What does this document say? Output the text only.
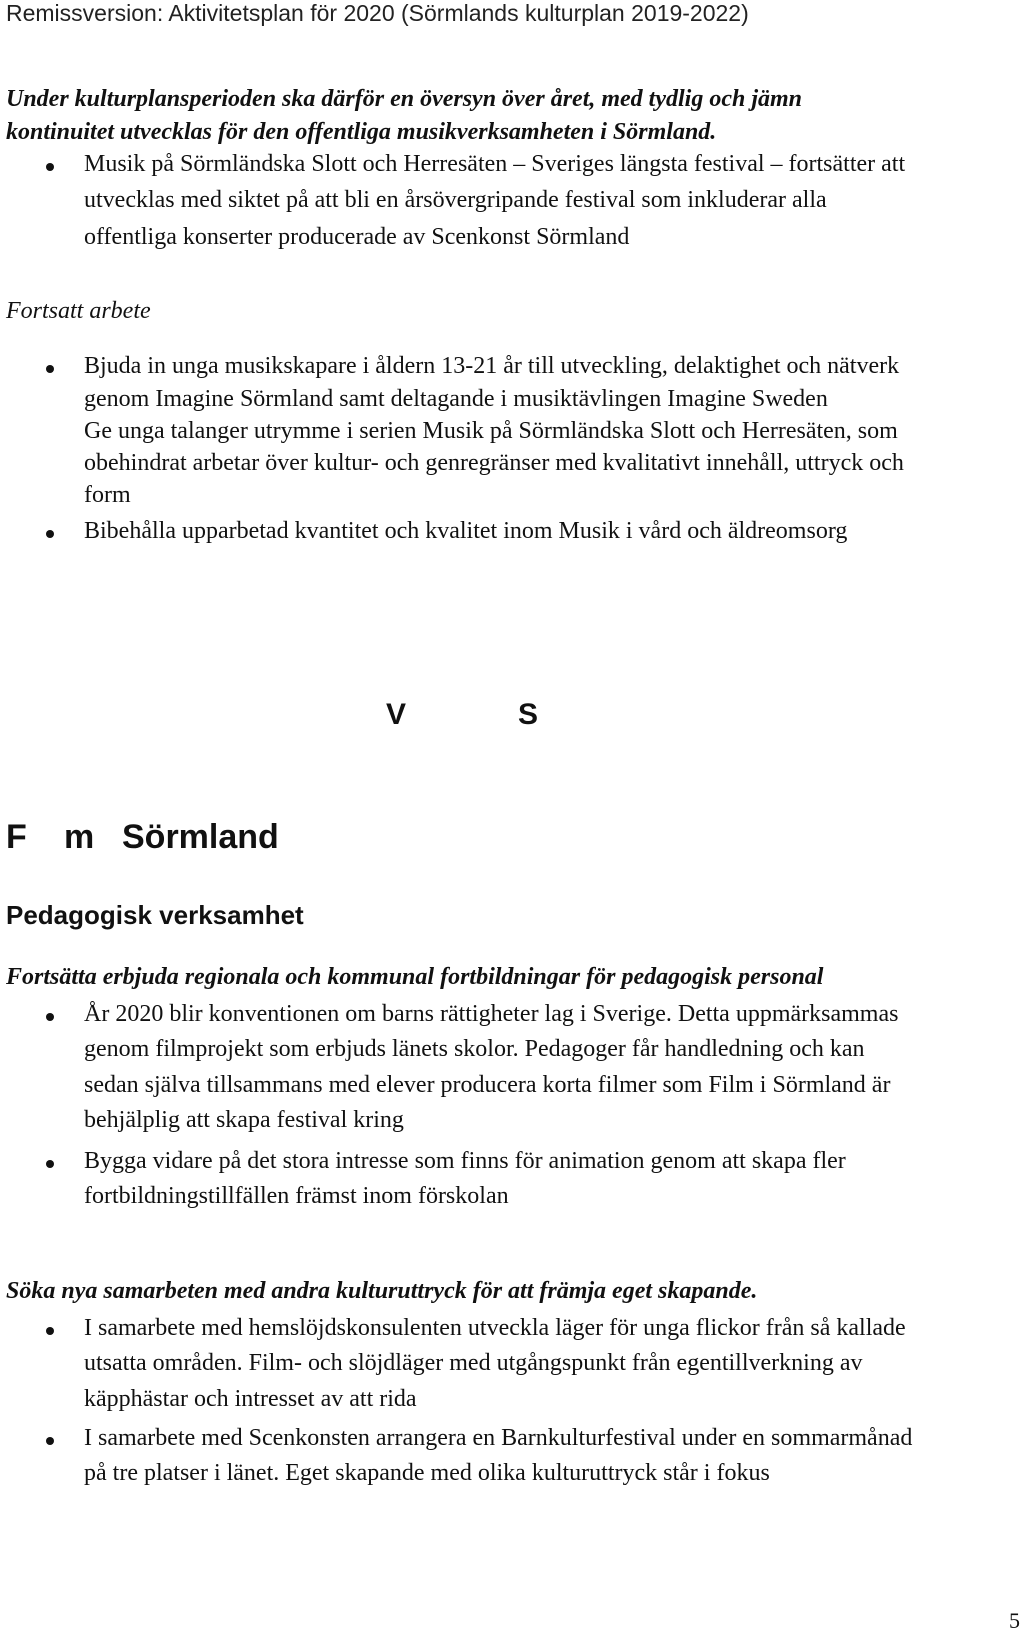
Remissversion: Aktivitetsplan för 2020 (Sörmlands kulturplan 2019-2022)
Under kulturplansperioden ska därför en översyn över året, med tydlig och jämn
kontinuitet utvecklas för den offentliga musikverksamheten i Sörmland.
Musik på Sörmländska Slott och Herresäten – Sveriges längsta festival – fortsätter att
utvecklas med siktet på att bli en årsövergripande festival som inkluderar alla
offentliga konserter producerade av Scenkonst Sörmland
Fortsatt arbete
Bjuda in unga musikskapare i åldern 13-21 år till utveckling, delaktighet och nätverk
genom Imagine Sörmland samt deltagande i musiktävlingen Imagine Sweden
Ge unga talanger utrymme i serien Musik på Sörmländska Slott och Herresäten, som
obehindrat arbetar över kultur- och genregränser med kvalitativt innehåll, uttryck och
form
Bibehålla upparbetad kvantitet och kvalitet inom Musik i vård och äldreomsorg
V	S
F m Sörmland
Pedagogisk verksamhet
Fortsätta erbjuda regionala och kommunal fortbildningar för pedagogisk personal
År 2020 blir konventionen om barns rättigheter lag i Sverige. Detta uppmärksammas
genom filmprojekt som erbjuds länets skolor. Pedagoger får handledning och kan
sedan själva tillsammans med elever producera korta filmer som Film i Sörmland är
behjälplig att skapa festival kring
Bygga vidare på det stora intresse som finns för animation genom att skapa fler
fortbildningstillfällen främst inom förskolan
Söka nya samarbeten med andra kulturuttryck för att främja eget skapande.
I samarbete med hemslöjdskonsulenten utveckla läger för unga flickor från så kallade
utsatta områden. Film- och slöjdläger med utgångspunkt från egentillverkning av
käpphästar och intresset av att rida
I samarbete med Scenkonsten arrangera en Barnkulturfestival under en sommarmånad
på tre platser i länet. Eget skapande med olika kulturuttryck står i fokus
5
